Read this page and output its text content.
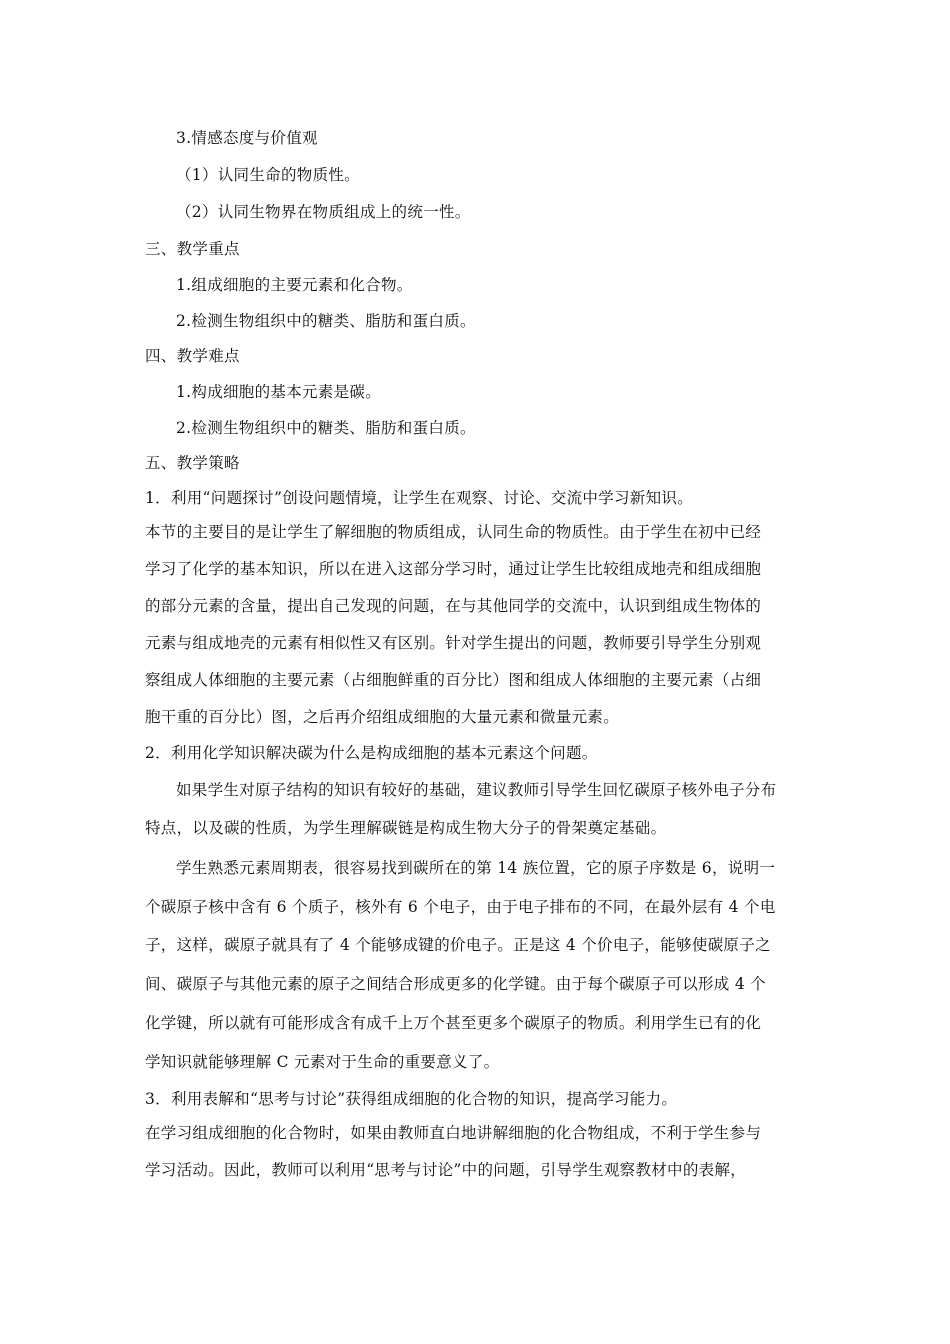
3.情感态度与价值观
（1）认同生命的物质性。
（2）认同生物界在物质组成上的统一性。
三、教学重点
1.组成细胞的主要元素和化合物。
2.检测生物组织中的糖类、脂肪和蛋白质。
四、教学难点
1.构成细胞的基本元素是碳。
2.检测生物组织中的糖类、脂肪和蛋白质。
五、教学策略
1．利用“问题探讨”创设问题情境，让学生在观察、讨论、交流中学习新知识。
本节的主要目的是让学生了解细胞的物质组成，认同生命的物质性。由于学生在初中已经
学习了化学的基本知识，所以在进入这部分学习时，通过让学生比较组成地壳和组成细胞
的部分元素的含量，提出自己发现的问题，在与其他同学的交流中，认识到组成生物体的
元素与组成地壳的元素有相似性又有区别。针对学生提出的问题，教师要引导学生分别观
察组成人体细胞的主要元素（占细胞鲜重的百分比）图和组成人体细胞的主要元素（占细
胞干重的百分比）图，之后再介绍组成细胞的大量元素和微量元素。
2．利用化学知识解决碳为什么是构成细胞的基本元素这个问题。
如果学生对原子结构的知识有较好的基础，建议教师引导学生回忆碳原子核外电子分布
特点，以及碳的性质，为学生理解碳链是构成生物大分子的骨架奠定基础。
学生熟悉元素周期表，很容易找到碳所在的第 14 族位置，它的原子序数是 6，说明一
个碳原子核中含有 6 个质子，核外有 6 个电子，由于电子排布的不同，在最外层有 4 个电
子，这样，碳原子就具有了 4 个能够成键的价电子。正是这 4 个价电子，能够使碳原子之
间、碳原子与其他元素的原子之间结合形成更多的化学键。由于每个碳原子可以形成 4 个
化学键，所以就有可能形成含有成千上万个甚至更多个碳原子的物质。利用学生已有的化
学知识就能够理解 C 元素对于生命的重要意义了。
3．利用表解和“思考与讨论”获得组成细胞的化合物的知识，提高学习能力。
在学习组成细胞的化合物时，如果由教师直白地讲解细胞的化合物组成，不利于学生参与
学习活动。因此，教师可以利用“思考与讨论”中的问题，引导学生观察教材中的表解，
